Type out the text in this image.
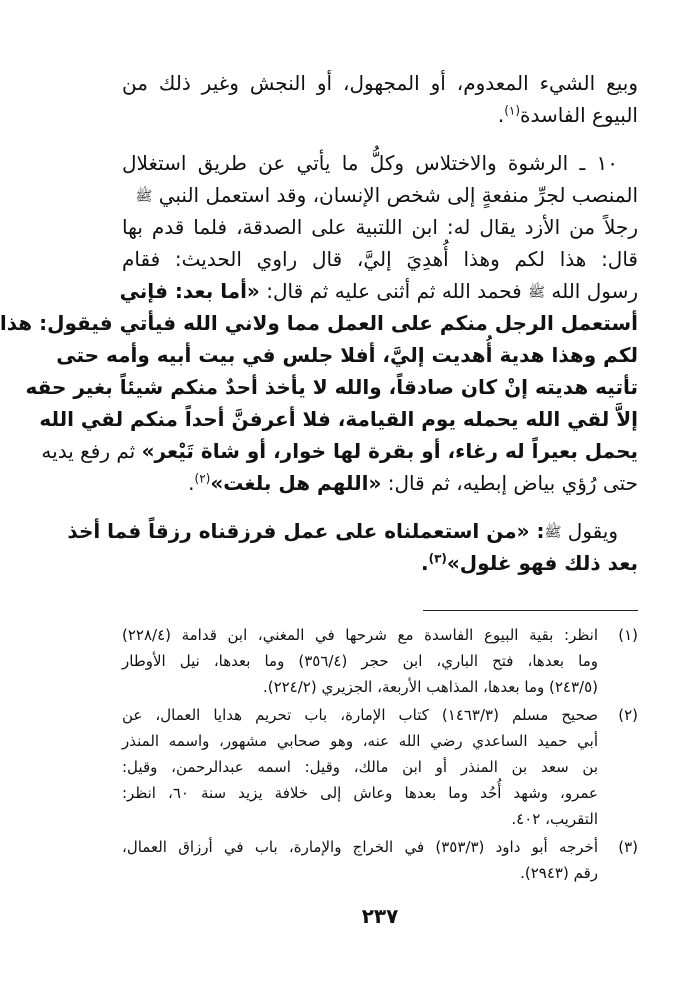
وبيع الشيء المعدوم، أو المجهول، أو النجش وغير ذلك من
البيوع الفاسدة$^{(١)}$.
١٠ ـ الرشوة والاختلاس وكلُّ ما يأتي عن طريق استغلال
المنصب لجرِّ منفعةٍ إلى شخص الإنسان، وقد استعمل النبي ﷺ
رجلاً من الأزد يقال له: ابن اللتبية على الصدقة، فلما قدم بها
قال: هذا لكم وهذا أُهدِيَ إليَّ، قال راوي الحديث: فقام
رسول الله ﷺ فحمد الله ثم أثنى عليه ثم قال: «أما بعد: فإني
أستعمل الرجل منكم على العمل مما ولاني الله فيأتي فيقول: هذا
لكم وهذا هدية أُهديت إليَّ، أفلا جلس في بيت أبيه وأمه حتى
تأتيه هديته إنْ كان صادقاً، والله لا يأخذ أحدٌ منكم شيئاً بغير حقه
إلاَّ لقي الله يحمله يوم القيامة، فلا أعرفنَّ أحداً منكم لقي الله
يحمل بعيراً له رغاء، أو بقرة لها خوار، أو شاة تَيْعر» ثم رفع يديه
حتى رُؤي بياض إبطيه، ثم قال: «اللهم هل بلغت»$^{(٢)}$.
ويقول ﷺ: «من استعملناه على عمل فرزقناه رزقاً فما أخذ
بعد ذلك فهو غلول»$^{(٣)}$.
(١)
انظر: بقية البيوع الفاسدة مع شرحها في المغني، ابن قدامة (٢٢٨/٤)
وما بعدها، فتح الباري، ابن حجر (٣٥٦/٤) وما بعدها، نيل الأوطار
(٢٤٣/٥) وما بعدها، المذاهب الأربعة، الجزيري (٢٢٤/٢).
(٢)
صحيح مسلم (١٤٦٣/٣) كتاب الإمارة، باب تحريم هدايا العمال، عن
أبي حميد الساعدي رضي الله عنه، وهو صحابي مشهور، واسمه المنذر
بن سعد بن المنذر أو ابن مالك، وقيل: اسمه عبدالرحمن، وقيل:
عمرو، وشهد أُحُد وما بعدها وعاش إلى خلافة يزيد سنة ٦٠، انظر:
التقريب، ٤٠٢.
(٣)
أخرجه أبو داود (٣٥٣/٣) في الخراج والإمارة، باب في أرزاق العمال،
رقم (٢٩٤٣).
٢٣٧
